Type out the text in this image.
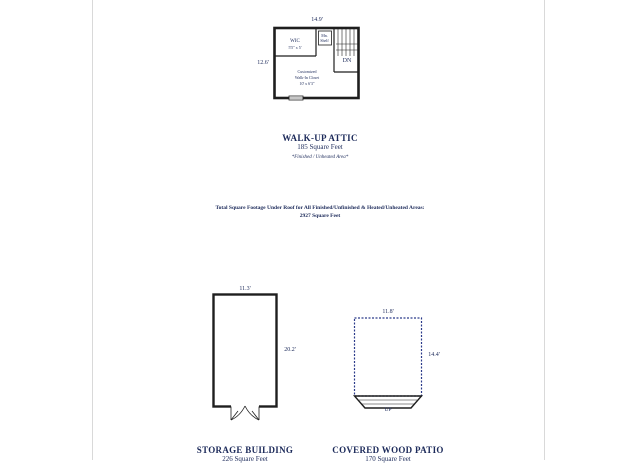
14.9'
12.6'
WIC
5'5" x 5'
Mn.
Shelf
DN
Customized
Walk-In Closet
10' x 6'3"
WALK-UP ATTIC
185 Square Feet
*Finished / Unheated Area*
Total Square Footage Under Roof for All Finished/Unfinished & Heated/Unheated Areas:
2927 Square Feet
11.3'
20.2'
STORAGE BUILDING
226 Square Feet
11.8'
14.4'
UP
COVERED WOOD PATIO
170 Square Feet
